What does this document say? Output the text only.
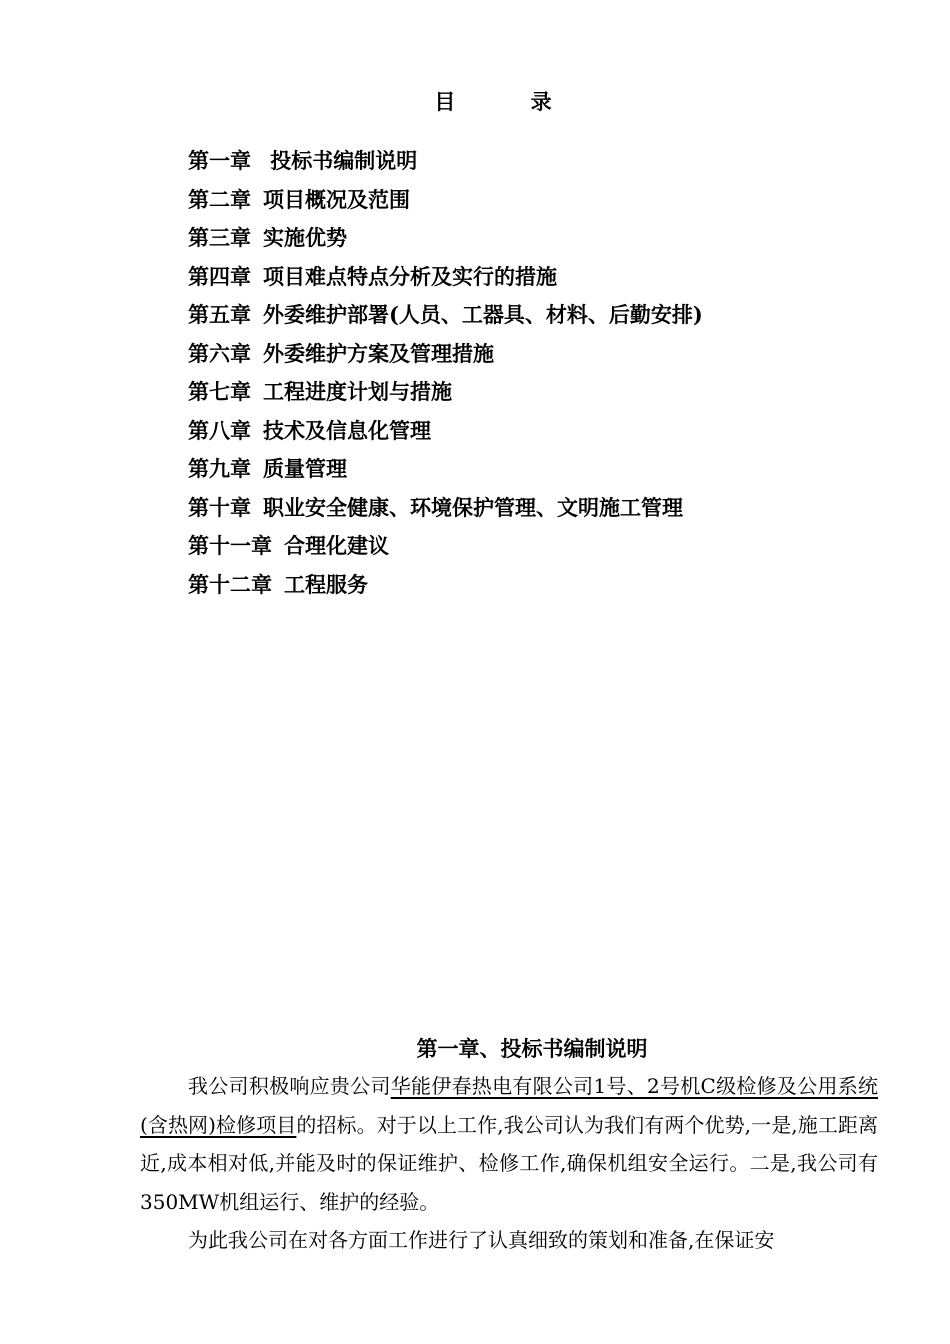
目 录
第一章 投标书编制说明
第二章 项目概况及范围
第三章 实施优势
第四章 项目难点特点分析及实行的措施
第五章 外委维护部署(人员、工器具、材料、后勤安排)
第六章 外委维护方案及管理措施
第七章 工程进度计划与措施
第八章 技术及信息化管理
第九章 质量管理
第十章 职业安全健康、环境保护管理、文明施工管理
第十一章 合理化建议
第十二章 工程服务
第一章、投标书编制说明

我公司积极响应贵公司华能伊春热电有限公司1号、2号机C级检修及公用系统(含热网)检修项目的招标。对于以上工作,我公司认为我们有两个优势,一是,施工距离近,成本相对低,并能及时的保证维护、检修工作,确保机组安全运行。二是,我公司有350MW机组运行、维护的经验。

为此我公司在对各方面工作进行了认真细致的策划和准备,在保证安
